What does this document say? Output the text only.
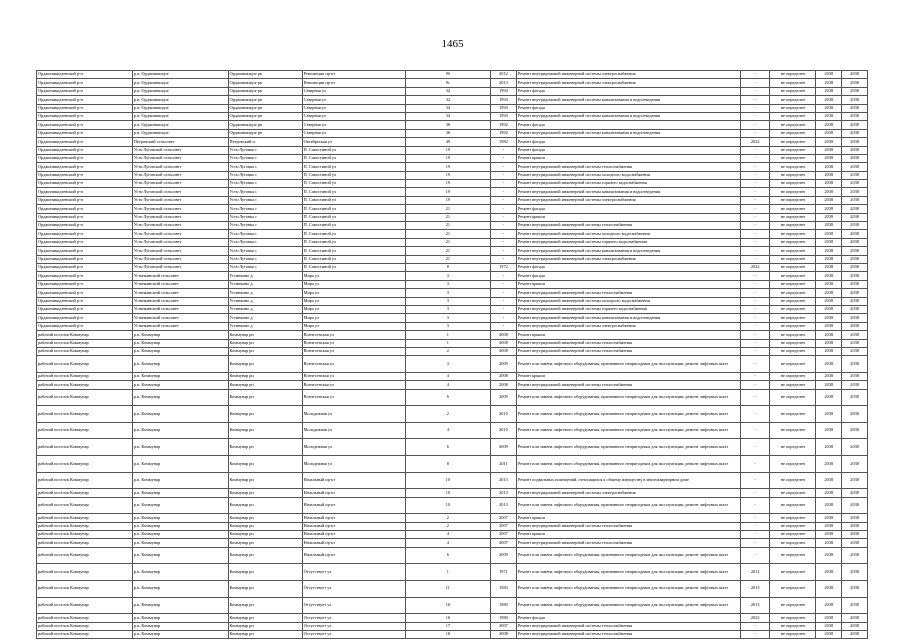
1465
Орджоникидзевский р-н	р.п. Орджоникидзе	Орджоникидзе рп	Революции пр-кт	9б	2012	Ремонт внутридомовой инженерной системы электроснабжения	-	не определен	2038	2038
Орджоникидзевский р-н	р.п. Орджоникидзе	Орджоникидзе рп	Революции пр-кт	9г	2013	Ремонт внутридомовой инженерной системы электроснабжения	-	не определен	2038	2038
Орджоникидзевский р-н	р.п. Орджоникидзе	Орджоникидзе рп	Северная ул	32	1994	Ремонт фасада	-	не определен	2038	2038
Орджоникидзевский р-н	р.п. Орджоникидзе	Орджоникидзе рп	Северная ул	32	1994	Ремонт внутридомовой инженерной системы канализования и водоотведения	-	не определен	2038	2038
Орджоникидзевский р-н	р.п. Орджоникидзе	Орджоникидзе рп	Северная ул	34	1994	Ремонт фасада	-	не определен	2038	2038
Орджоникидзевский р-н	р.п. Орджоникидзе	Орджоникидзе рп	Северная ул	34	1994	Ремонт внутридомовой инженерной системы канализования и водоотведения	-	не определен	2038	2038
Орджоникидзевский р-н	р.п. Орджоникидзе	Орджоникидзе рп	Северная ул	36	1992	Ремонт фасада	-	не определен	2038	2038
Орджоникидзевский р-н	р.п. Орджоникидзе	Орджоникидзе рп	Северная ул	36	1992	Ремонт внутридомовой инженерной системы канализования и водоотведения	-	не определен	2038	2038
Орджоникидзевский р-н	Петровский сельсовет	Петровский п	Октябрьская ул	49	1982	Ремонт фасада	2022	не определен	2038	2038
Орджоникидзевский р-н	Усть-Луговской сельсовет	Усть-Луговка с	П. Савостиной ул	19	-	Ремонт фасада	-	не определен	2038	2038
Орджоникидзевский р-н	Усть-Луговской сельсовет	Усть-Луговка с	П. Савостиной ул	19	-	Ремонт крыши	-	не определен	2038	2038
Орджоникидзевский р-н	Усть-Луговской сельсовет	Усть-Луговка с	П. Савостиной ул	19	-	Ремонт внутридомовой инженерной системы теплоснабжения	-	не определен	2038	2038
Орджоникидзевский р-н	Усть-Луговской сельсовет	Усть-Луговка с	П. Савостиной ул	19	-	Ремонт внутридомовой инженерной системы холодного водоснабжения	-	не определен	2038	2038
Орджоникидзевский р-н	Усть-Луговской сельсовет	Усть-Луговка с	П. Савостиной ул	19	-	Ремонт внутридомовой инженерной системы горячего водоснабжения	-	не определен	2038	2038
Орджоникидзевский р-н	Усть-Луговской сельсовет	Усть-Луговка с	П. Савостиной ул	19	-	Ремонт внутридомовой инженерной системы канализования и водоотведения	-	не определен	2038	2038
Орджоникидзевский р-н	Усть-Луговской сельсовет	Усть-Луговка с	П. Савостиной ул	19	-	Ремонт внутридомовой инженерной системы электроснабжения	-	не определен	2038	2038
Орджоникидзевский р-н	Усть-Луговской сельсовет	Усть-Луговка с	П. Савостиной ул	21	-	Ремонт фасада	-	не определен	2038	2038
Орджоникидзевский р-н	Усть-Луговской сельсовет	Усть-Луговка с	П. Савостиной ул	21	-	Ремонт крыши	-	не определен	2038	2038
Орджоникидзевский р-н	Усть-Луговской сельсовет	Усть-Луговка с	П. Савостиной ул	21	-	Ремонт внутридомовой инженерной системы теплоснабжения	-	не определен	2038	2038
Орджоникидзевский р-н	Усть-Луговской сельсовет	Усть-Луговка с	П. Савостиной ул	21	-	Ремонт внутридомовой инженерной системы холодного водоснабжения	-	не определен	2038	2038
Орджоникидзевский р-н	Усть-Луговской сельсовет	Усть-Луговка с	П. Савостиной ул	21	-	Ремонт внутридомовой инженерной системы горячего водоснабжения	-	не определен	2038	2038
Орджоникидзевский р-н	Усть-Луговской сельсовет	Усть-Луговка с	П. Савостиной ул	21	-	Ремонт внутридомовой инженерной системы канализования и водоотведения	-	не определен	2038	2038
Орджоникидзевский р-н	Усть-Луговской сельсовет	Усть-Луговка с	П. Савостиной ул	21	-	Ремонт внутридомовой инженерной системы электроснабжения	-	не определен	2038	2038
Орджоникидзевский р-н	Усть-Луговской сельсовет	Усть-Луговка с	П. Савостиной ул	8	1972	Ремонт фасада	2022	не определен	2038	2038
Орджоникидзевский р-н	Устинкинский сельсовет	Устинкино д	Мира ул	3	-	Ремонт фасада	-	не определен	2038	2038
Орджоникидзевский р-н	Устинкинский сельсовет	Устинкино д	Мира ул	3	-	Ремонт крыши	-	не определен	2038	2038
Орджоникидзевский р-н	Устинкинский сельсовет	Устинкино д	Мира ул	3	-	Ремонт внутридомовой инженерной системы теплоснабжения	-	не определен	2038	2038
Орджоникидзевский р-н	Устинкинский сельсовет	Устинкино д	Мира ул	3	-	Ремонт внутридомовой инженерной системы холодного водоснабжения	-	не определен	2038	2038
Орджоникидзевский р-н	Устинкинский сельсовет	Устинкино д	Мира ул	3	-	Ремонт внутридомовой инженерной системы горячего водоснабжения	-	не определен	2038	2038
Орджоникидзевский р-н	Устинкинский сельсовет	Устинкино д	Мира ул	3	-	Ремонт внутридомовой инженерной системы канализования и водоотведения	-	не определен	2038	2038
Орджоникидзевский р-н	Устинкинский сельсовет	Устинкино д	Мира ул	3	-	Ремонт внутридомовой инженерной системы электроснабжения	-	не определен	2038	2038
рабочий поселок Коммунар	р.п. Коммунар	Коммунар рп	Вознесенская ул	1	2008	Ремонт крыши	-	не определен	2038	2038
рабочий поселок Коммунар	р.п. Коммунар	Коммунар рп	Вознесенская ул	1	2008	Ремонт внутридомовой инженерной системы теплоснабжения	-	не определен	2038	2038
рабочий поселок Коммунар	р.п. Коммунар	Коммунар рп	Вознесенская ул	2	2008	Ремонт внутридомовой инженерной системы теплоснабжения	-	не определен	2038	2038
рабочий поселок Коммунар	р.п. Коммунар	Коммунар рп	Вознесенская ул	3	2009	Ремонт или замена лифтового оборудования, признанного непригодным для эксплуатации, ремонт лифтовых шахт	-	не определен	2038	2038
рабочий поселок Коммунар	р.п. Коммунар	Коммунар рп	Вознесенская ул	4	2008	Ремонт крыши	-	не определен	2038	2038
рабочий поселок Коммунар	р.п. Коммунар	Коммунар рп	Вознесенская ул	4	2008	Ремонт внутридомовой инженерной системы теплоснабжения	-	не определен	2038	2038
рабочий поселок Коммунар	р.п. Коммунар	Коммунар рп	Вознесенская ул	6	2009	Ремонт или замена лифтового оборудования, признанного непригодным для эксплуатации, ремонт лифтовых шахт	-	не определен	2038	2038
рабочий поселок Коммунар	р.п. Коммунар	Коммунар рп	Молодежная ул	2	2010	Ремонт или замена лифтового оборудования, признанного непригодным для эксплуатации, ремонт лифтовых шахт	-	не определен	2038	2038
рабочий поселок Коммунар	р.п. Коммунар	Коммунар рп	Молодежная ул	4	2010	Ремонт или замена лифтового оборудования, признанного непригодным для эксплуатации, ремонт лифтовых шахт	-	не определен	2038	2038
рабочий поселок Коммунар	р.п. Коммунар	Коммунар рп	Молодежная ул	6	2009	Ремонт или замена лифтового оборудования, признанного непригодным для эксплуатации, ремонт лифтовых шахт	-	не определен	2038	2038
рабочий поселок Коммунар	р.п. Коммунар	Коммунар рп	Молодежная ул	8	2011	Ремонт или замена лифтового оборудования, признанного непригодным для эксплуатации, ремонт лифтовых шахт	-	не определен	2038	2038
рабочий поселок Коммунар	р.п. Коммунар	Коммунар рп	Начальный пр-кт	10	2013	Ремонт подвальных помещений, относящихся к общему имуществу в многоквартирном доме	-	не определен	2038	2038
рабочий поселок Коммунар	р.п. Коммунар	Коммунар рп	Начальный пр-кт	10	2013	Ремонт внутридомовой инженерной системы электроснабжения	-	не определен	2038	2038
рабочий поселок Коммунар	р.п. Коммунар	Коммунар рп	Начальный пр-кт	10	2013	Ремонт или замена лифтового оборудования, признанного непригодным для эксплуатации, ремонт лифтовых шахт	-	не определен	2038	2038
рабочий поселок Коммунар	р.п. Коммунар	Коммунар рп	Начальный пр-кт	2	2007	Ремонт крыши	-	не определен	2038	2038
рабочий поселок Коммунар	р.п. Коммунар	Коммунар рп	Начальный пр-кт	2	2007	Ремонт внутридомовой инженерной системы теплоснабжения	-	не определен	2038	2038
рабочий поселок Коммунар	р.п. Коммунар	Коммунар рп	Начальный пр-кт	4	2007	Ремонт крыши	-	не определен	2038	2038
рабочий поселок Коммунар	р.п. Коммунар	Коммунар рп	Начальный пр-кт	4	2007	Ремонт внутридомовой инженерной системы теплоснабжения	-	не определен	2038	2038
рабочий поселок Коммунар	р.п. Коммунар	Коммунар рп	Начальный пр-кт	6	2009	Ремонт или замена лифтового оборудования, признанного непригодным для эксплуатации, ремонт лифтовых шахт	-	не определен	2038	2038
рабочий поселок Коммунар	р.п. Коммунар	Коммунар рп	Отсутствует ул	1	1971	Ремонт или замена лифтового оборудования, признанного непригодным для эксплуатации, ремонт лифтовых шахт	2012	не определен	2038	2038
рабочий поселок Коммунар	р.п. Коммунар	Коммунар рп	Отсутствует ул	11	1983	Ремонт или замена лифтового оборудования, признанного непригодным для эксплуатации, ремонт лифтовых шахт	2013	не определен	2038	2038
рабочий поселок Коммунар	р.п. Коммунар	Коммунар рп	Отсутствует ул	16	1980	Ремонт или замена лифтового оборудования, признанного непригодным для эксплуатации, ремонт лифтовых шахт	2013	не определен	2038	2038
рабочий поселок Коммунар	р.п. Коммунар	Коммунар рп	Отсутствует ул	16	1980	Ремонт фасада	2022	не определен	2038	2038
рабочий поселок Коммунар	р.п. Коммунар	Коммунар рп	Отсутствует ул	17	2007	Ремонт внутридомовой инженерной системы теплоснабжения	-	не определен	2038	2038
рабочий поселок Коммунар	р.п. Коммунар	Коммунар рп	Отсутствует ул	18	2008	Ремонт внутридомовой инженерной системы теплоснабжения	-	не определен	2038	2038
